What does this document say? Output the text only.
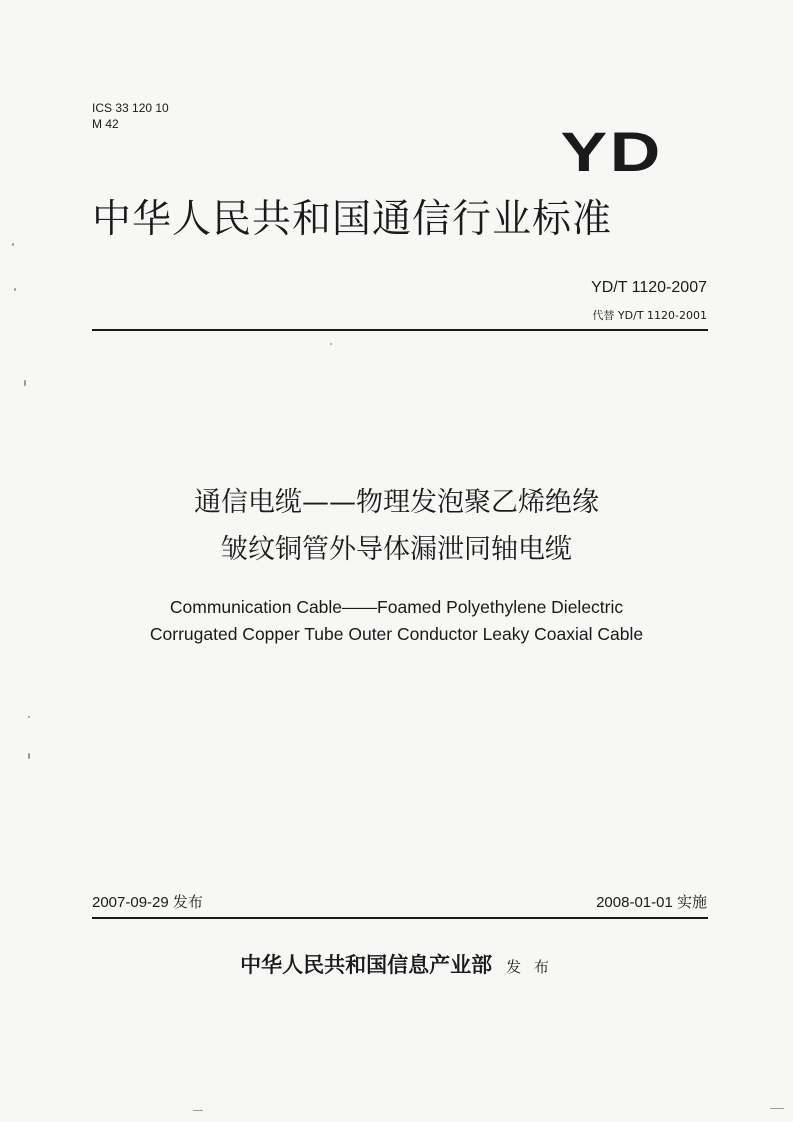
ICS 33 120 10
M 42	YD
中华人民共和国通信行业标准
YD/T 1120-2007
代替 YD/T 1120-2001
通信电缆——物理发泡聚乙烯绝缘
皱纹铜管外导体漏泄同轴电缆
Communication Cable——Foamed Polyethylene Dielectric
Corrugated Copper Tube Outer Conductor Leaky Coaxial Cable
2007-09-29 发布	2008-01-01 实施
中华人民共和国信息产业部 发 布
